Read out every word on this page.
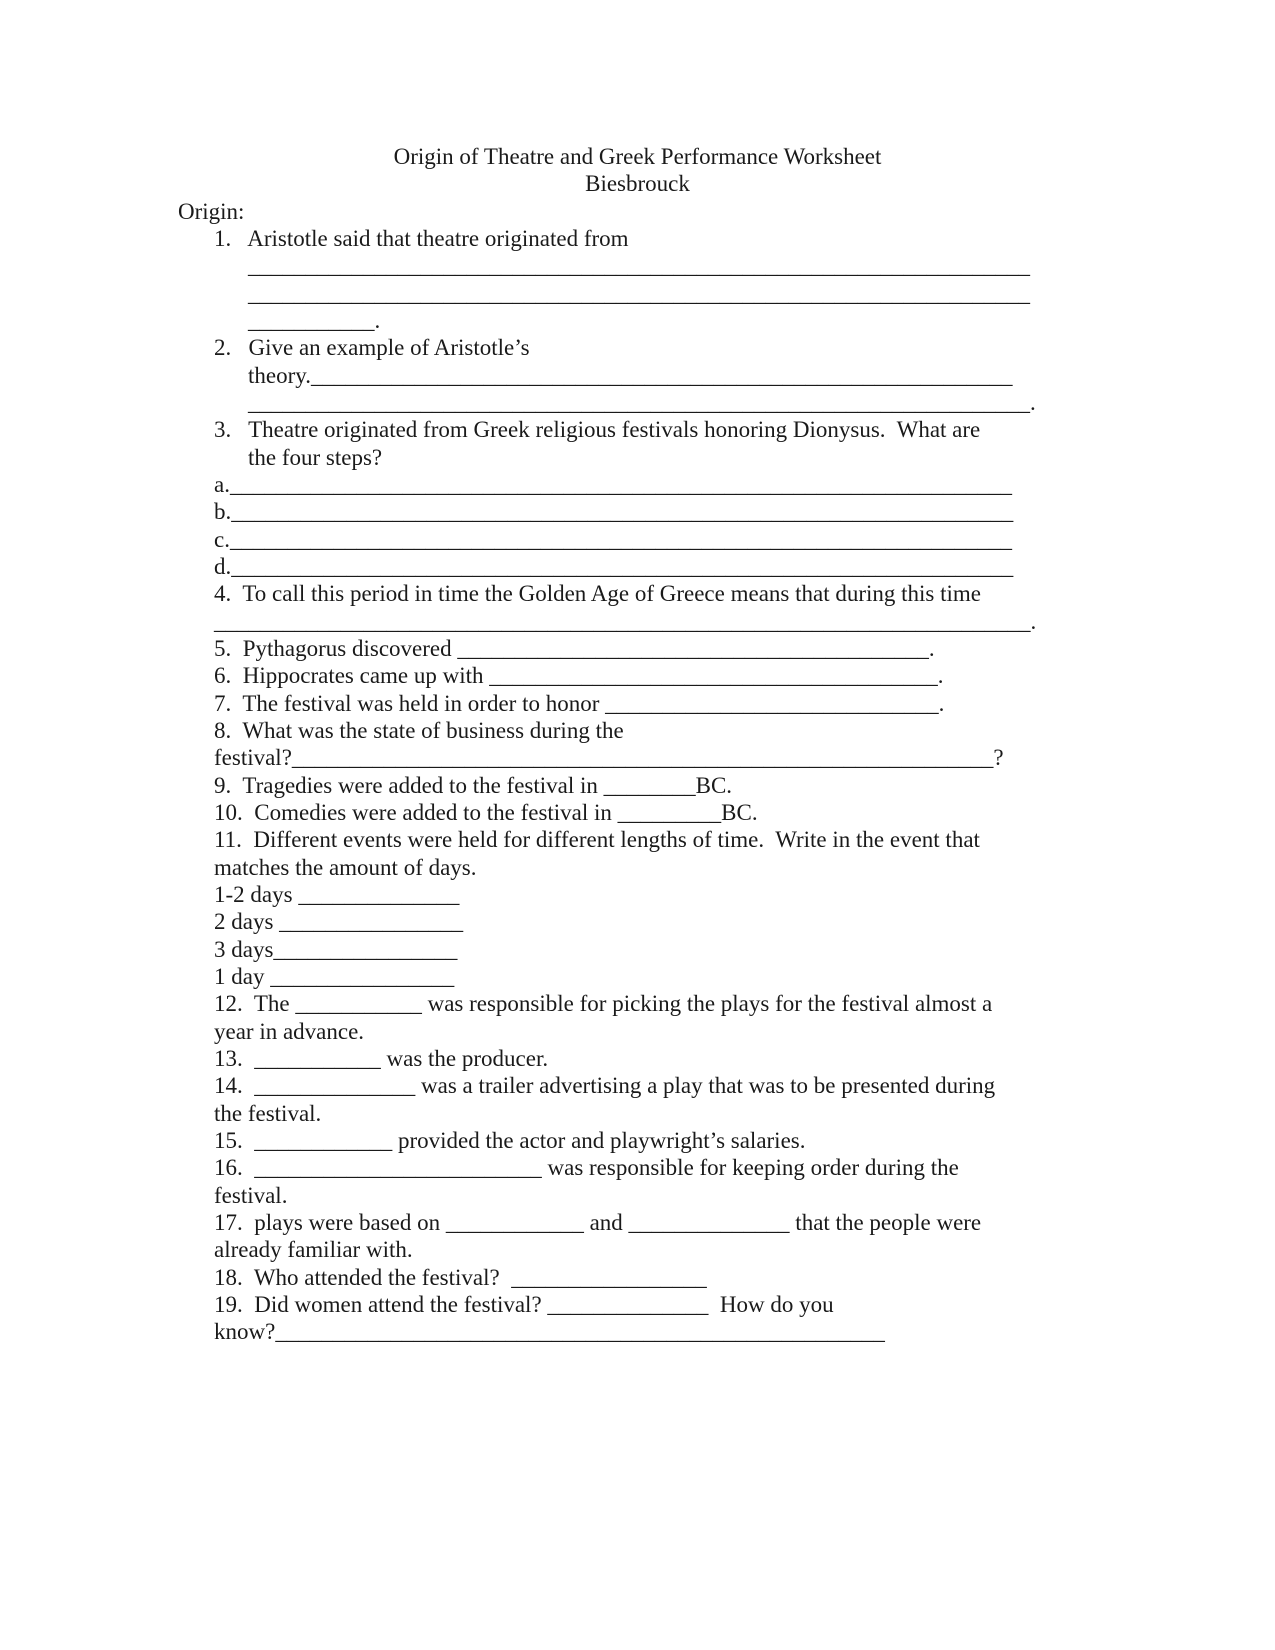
Origin of Theatre and Greek Performance Worksheet
Biesbrouck
Origin:
1.   Aristotle said that theatre originated from
____________________________________________________________________
____________________________________________________________________
___________.
2.   Give an example of Aristotle’s
theory._____________________________________________________________
____________________________________________________________________.
3.   Theatre originated from Greek religious festivals honoring Dionysus.  What are
the four steps?
a.____________________________________________________________________
b.____________________________________________________________________
c.____________________________________________________________________
d.____________________________________________________________________
4.  To call this period in time the Golden Age of Greece means that during this time
_______________________________________________________________________.
5.  Pythagorus discovered _________________________________________.
6.  Hippocrates came up with _______________________________________.
7.  The festival was held in order to honor _____________________________.
8.  What was the state of business during the
festival?_____________________________________________________________?
9.  Tragedies were added to the festival in ________BC.
10.  Comedies were added to the festival in _________BC.
11.  Different events were held for different lengths of time.  Write in the event that
matches the amount of days.
1-2 days ______________
2 days ________________
3 days________________
1 day ________________
12.  The ___________ was responsible for picking the plays for the festival almost a
year in advance.
13.  ___________ was the producer.
14.  ______________ was a trailer advertising a play that was to be presented during
the festival.
15.  ____________ provided the actor and playwright’s salaries.
16.  _________________________ was responsible for keeping order during the
festival.
17.  plays were based on ____________ and ______________ that the people were
already familiar with.
18.  Who attended the festival?  _________________
19.  Did women attend the festival? ______________  How do you
know?_____________________________________________________
